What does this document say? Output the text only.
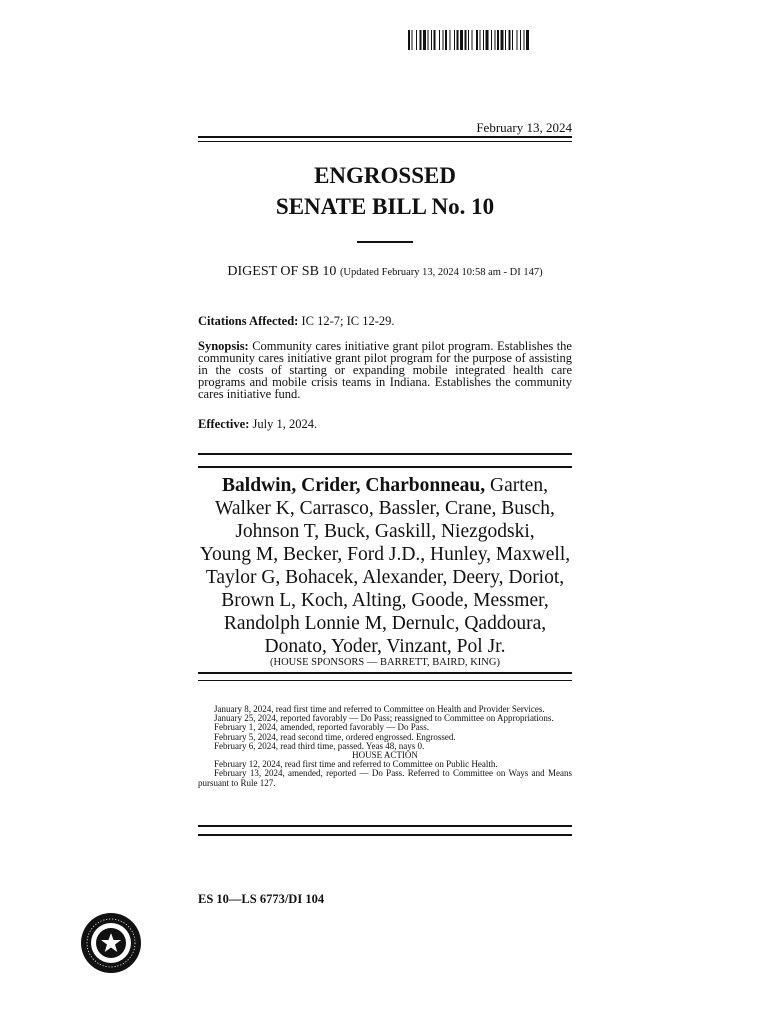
February 13, 2024
ENGROSSED
SENATE BILL No. 10
DIGEST OF SB 10 (Updated February 13, 2024 10:58 am - DI 147)
Citations Affected: IC 12-7; IC 12-29.
Synopsis: Community cares initiative grant pilot program. Establishes the community cares initiative grant pilot program for the purpose of assisting in the costs of starting or expanding mobile integrated health care programs and mobile crisis teams in Indiana. Establishes the community cares initiative fund.
Effective: July 1, 2024.
Baldwin, Crider, Charbonneau, Garten,
Walker K, Carrasco, Bassler, Crane, Busch,
Johnson T, Buck, Gaskill, Niezgodski,
Young M, Becker, Ford J.D., Hunley, Maxwell,
Taylor G, Bohacek, Alexander, Deery, Doriot,
Brown L, Koch, Alting, Goode, Messmer,
Randolph Lonnie M, Dernulc, Qaddoura,
Donato, Yoder, Vinzant, Pol Jr.
(HOUSE SPONSORS — BARRETT, BAIRD, KING)

January 8, 2024, read first time and referred to Committee on Health and Provider Services.

January 25, 2024, reported favorably — Do Pass; reassigned to Committee on Appropriations.

February 1, 2024, amended, reported favorably — Do Pass.

February 5, 2024, read second time, ordered engrossed. Engrossed.

February 6, 2024, read third time, passed. Yeas 48, nays 0.

HOUSE ACTION

February 12, 2024, read first time and referred to Committee on Public Health.

February 13, 2024, amended, reported — Do Pass. Referred to Committee on Ways and Means pursuant to Rule 127.

ES 10—LS 6773/DI 104
